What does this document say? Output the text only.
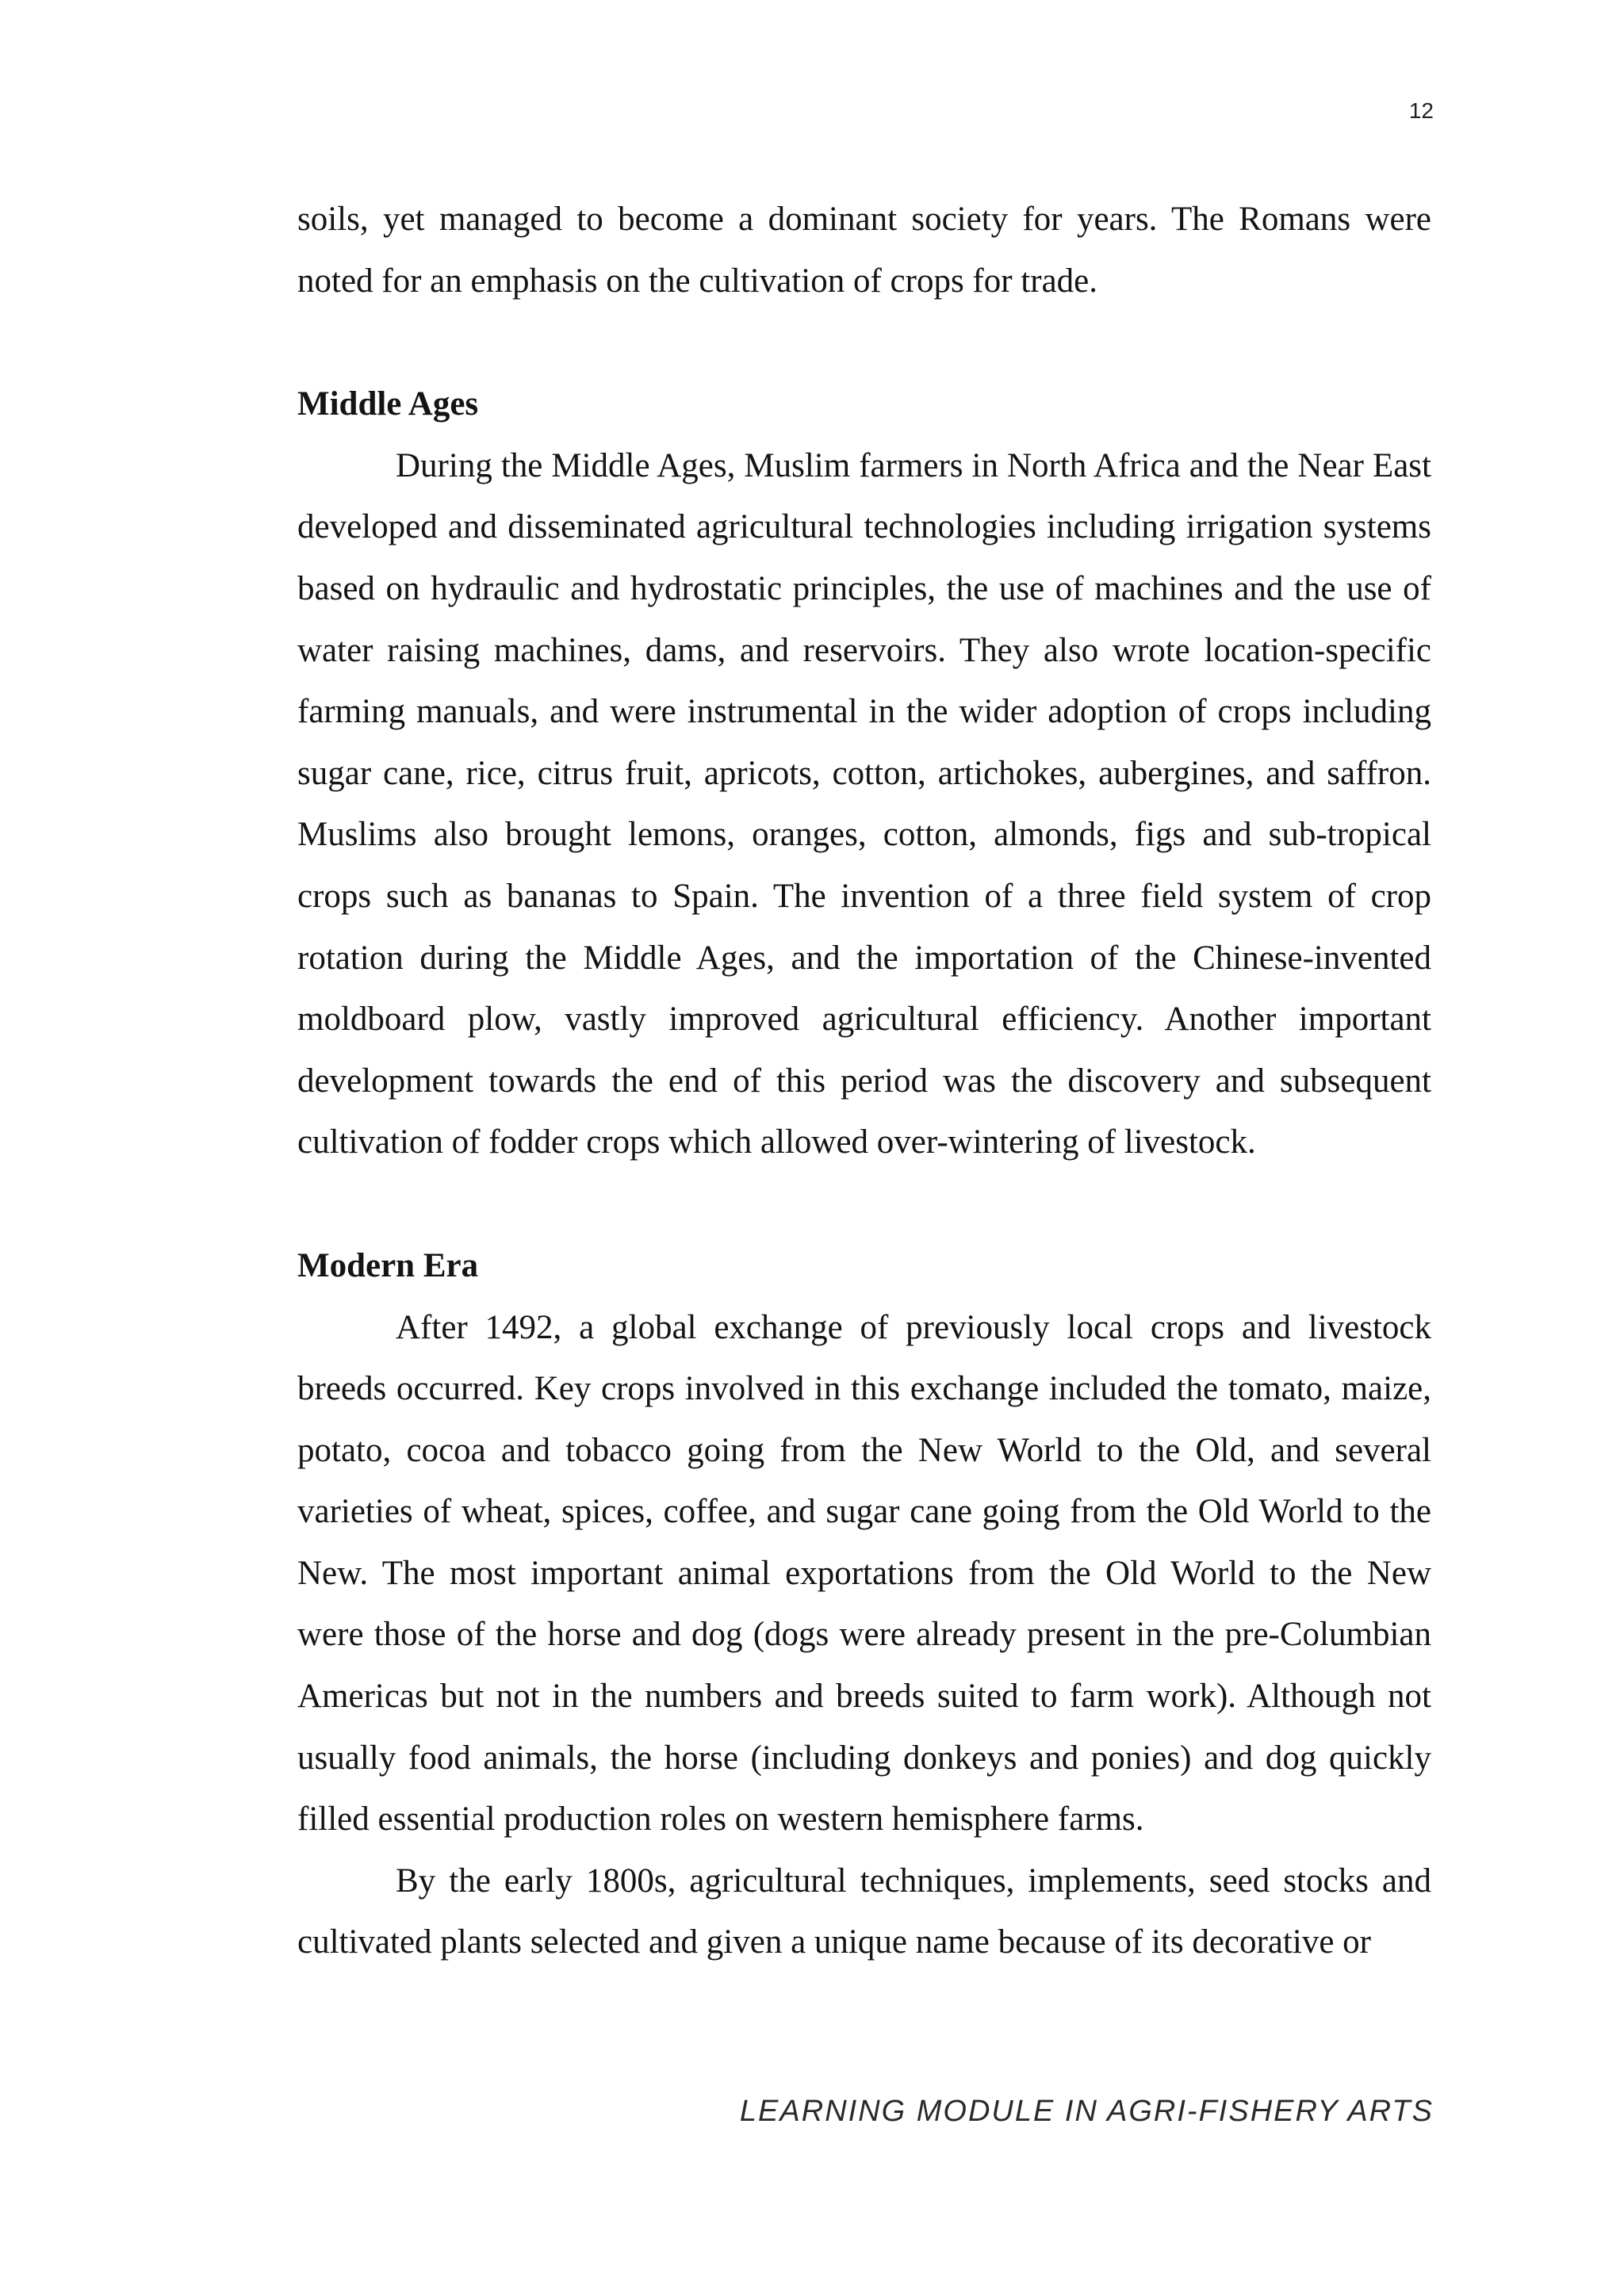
12

soils, yet managed to become a dominant society for years. The Romans were noted for an emphasis on the cultivation of crops for trade.

Middle Ages

During the Middle Ages, Muslim farmers in North Africa and the Near East developed and disseminated agricultural technologies including irrigation systems based on hydraulic and hydrostatic principles, the use of machines and the use of water raising machines, dams, and reservoirs. They also wrote location-specific farming manuals, and were instrumental in the wider adoption of crops including sugar cane, rice, citrus fruit, apricots, cotton, artichokes, aubergines, and saffron. Muslims also brought lemons, oranges, cotton, almonds, figs and sub-tropical crops such as bananas to Spain. The invention of a three field system of crop rotation during the Middle Ages, and the importation of the Chinese-invented moldboard plow, vastly improved agricultural efficiency. Another important development towards the end of this period was the discovery and subsequent cultivation of fodder crops which allowed over-wintering of livestock.

Modern Era

After 1492, a global exchange of previously local crops and livestock breeds occurred. Key crops involved in this exchange included the tomato, maize, potato, cocoa and tobacco going from the New World to the Old, and several varieties of wheat, spices, coffee, and sugar cane going from the Old World to the New. The most important animal exportations from the Old World to the New were those of the horse and dog (dogs were already present in the pre-Columbian Americas but not in the numbers and breeds suited to farm work). Although not usually food animals, the horse (including donkeys and ponies) and dog quickly filled essential production roles on western hemisphere farms.

By the early 1800s, agricultural techniques, implements, seed stocks and cultivated plants selected and given a unique name because of its decorative or

LEARNING MODULE IN AGRI-FISHERY ARTS
